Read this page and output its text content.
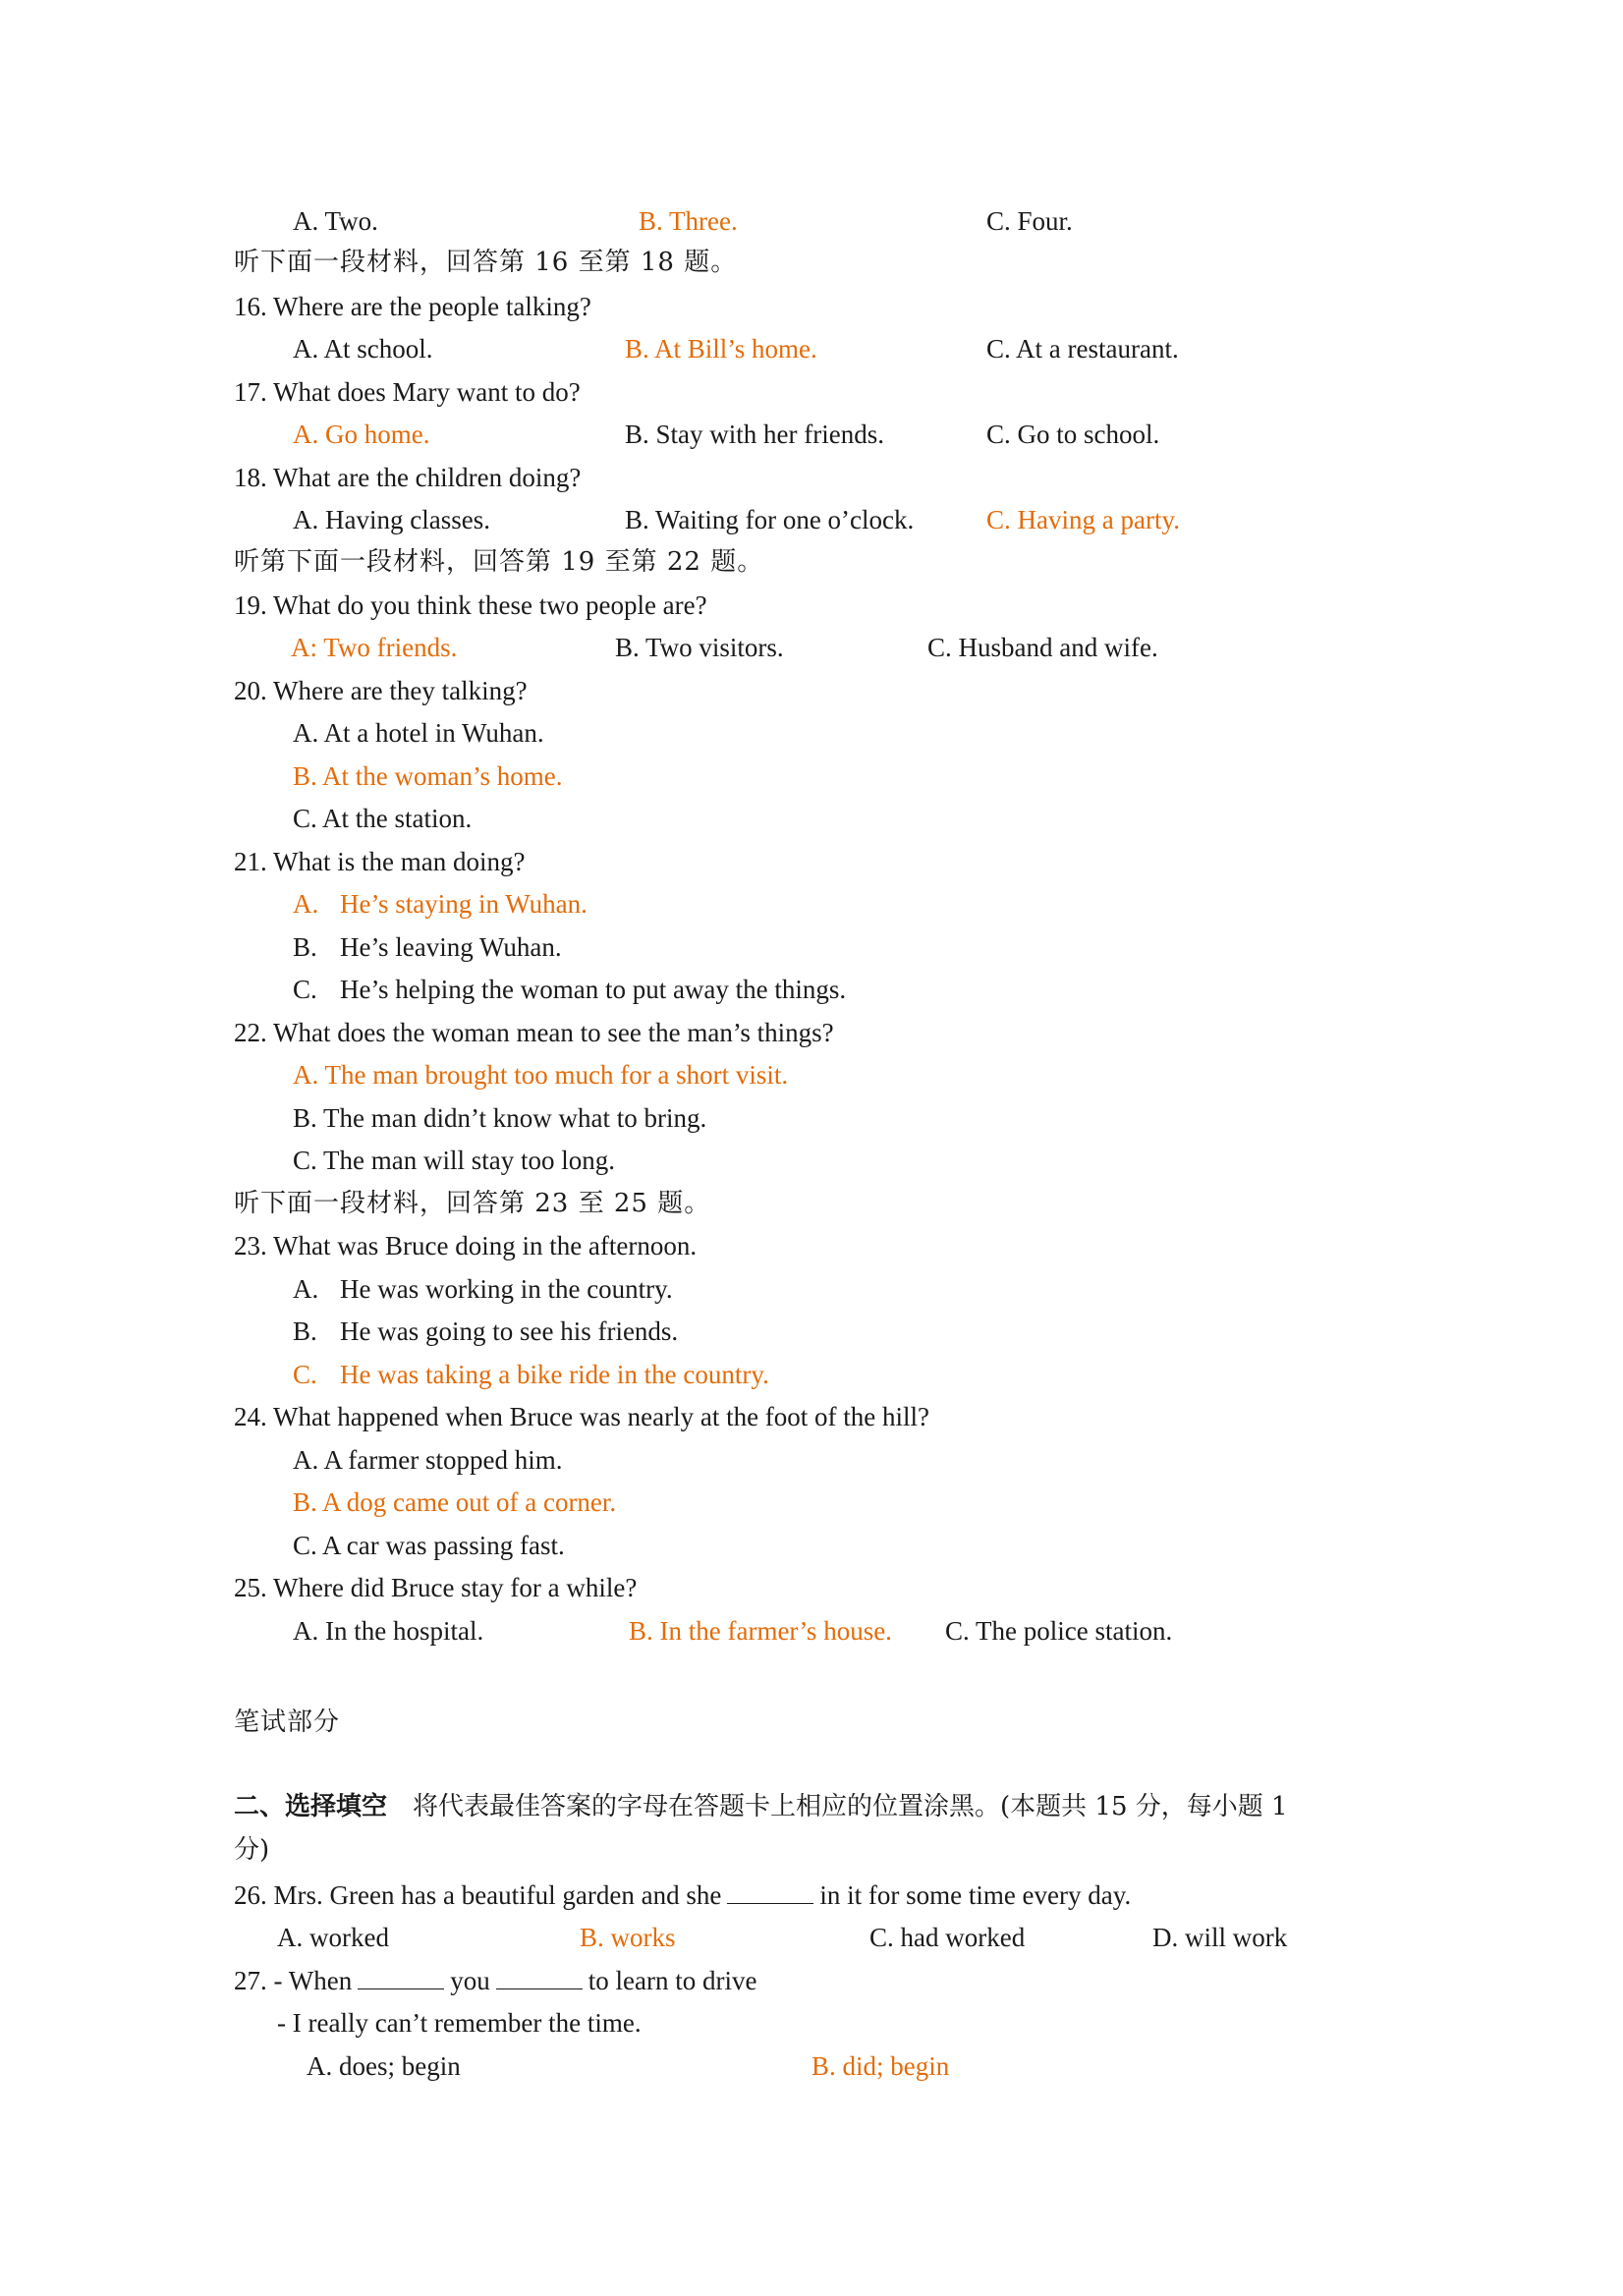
A. Two.	B. Three.	C. Four.
听下面一段材料，回答第 16 至第 18 题。
16. Where are the people talking?
A. At school.	B. At Bill’s home.	C. At a restaurant.
17. What does Mary want to do?
A. Go home.	B. Stay with her friends.	C. Go to school.
18. What are the children doing?
A. Having classes.	B. Waiting for one o’clock.	C. Having a party.
听第下面一段材料，回答第 19 至第 22 题。
19. What do you think these two people are?
A: Two friends.	B. Two visitors.	C. Husband and wife.
20. Where are they talking?
A. At a hotel in Wuhan.
B. At the woman’s home.
C. At the station.
21. What is the man doing?
A. He’s staying in Wuhan.
B. He’s leaving Wuhan.
C. He’s helping the woman to put away the things.
22. What does the woman mean to see the man’s things?
A. The man brought too much for a short visit.
B. The man didn’t know what to bring.
C. The man will stay too long.
听下面一段材料，回答第 23 至 25 题。
23. What was Bruce doing in the afternoon.
A. He was working in the country.
B. He was going to see his friends.
C. He was taking a bike ride in the country.
24. What happened when Bruce was nearly at the foot of the hill?
A. A farmer stopped him.
B. A dog came out of a corner.
C. A car was passing fast.
25. Where did Bruce stay for a while?
A. In the hospital.	B. In the farmer’s house. C. The police station.
笔试部分
二、选择填空 将代表最佳答案的字母在答题卡上相应的位置涂黑。(本题共 15 分，每小题 1
分)
26. Mrs. Green has a beautiful garden and she	in it for some time every day.
A. worked	B. works	C. had worked	D. will work
27. - When	you	to learn to drive
- I really can’t remember the time.
A. does; begin	B. did; begin
